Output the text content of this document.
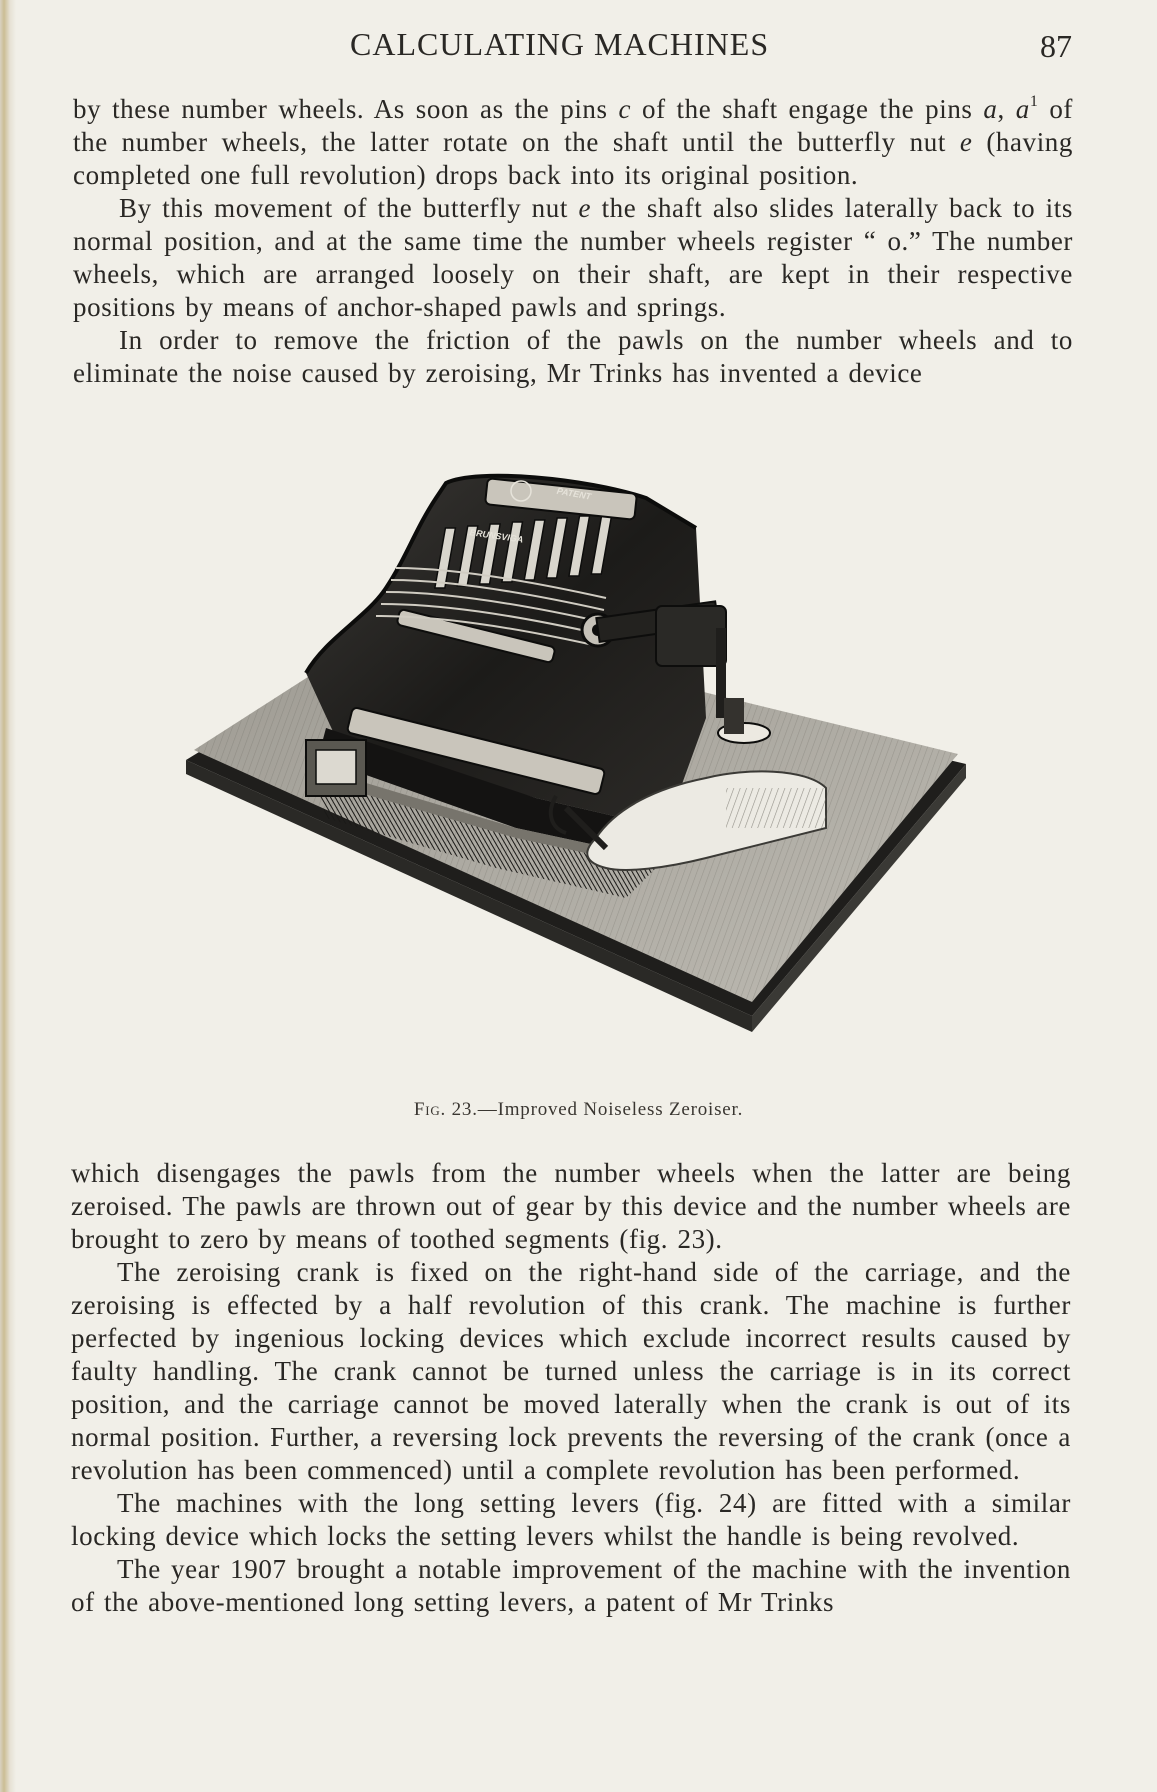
CALCULATING MACHINES	87

by these number wheels. As soon as the pins c of the shaft engage the pins a, $a^1$ of the number wheels, the latter rotate on the shaft until the butterfly nut e (having completed one full revolution) drops back into its original position.

By this movement of the butterfly nut e the shaft also slides laterally back to its normal position, and at the same time the number wheels register “ o.” The number wheels, which are arranged loosely on their shaft, are kept in their respective positions by means of anchor-shaped pawls and springs.

In order to remove the friction of the pawls on the number wheels and to eliminate the noise caused by zeroising, Mr Trinks has invented a device

BRUNSVIGA
PATENT
Fig. 23.—Improved Noiseless Zeroiser.

which disengages the pawls from the number wheels when the latter are being zeroised. The pawls are thrown out of gear by this device and the number wheels are brought to zero by means of toothed segments (fig. 23).

The zeroising crank is fixed on the right-hand side of the carriage, and the zeroising is effected by a half revolution of this crank. The machine is further perfected by ingenious locking devices which exclude incorrect results caused by faulty handling. The crank cannot be turned unless the carriage is in its correct position, and the carriage cannot be moved laterally when the crank is out of its normal position. Further, a reversing lock prevents the reversing of the crank (once a revolution has been commenced) until a complete revolution has been performed.

The machines with the long setting levers (fig. 24) are fitted with a similar locking device which locks the setting levers whilst the handle is being revolved.

The year 1907 brought a notable improvement of the machine with the invention of the above-mentioned long setting levers, a patent of Mr Trinks
